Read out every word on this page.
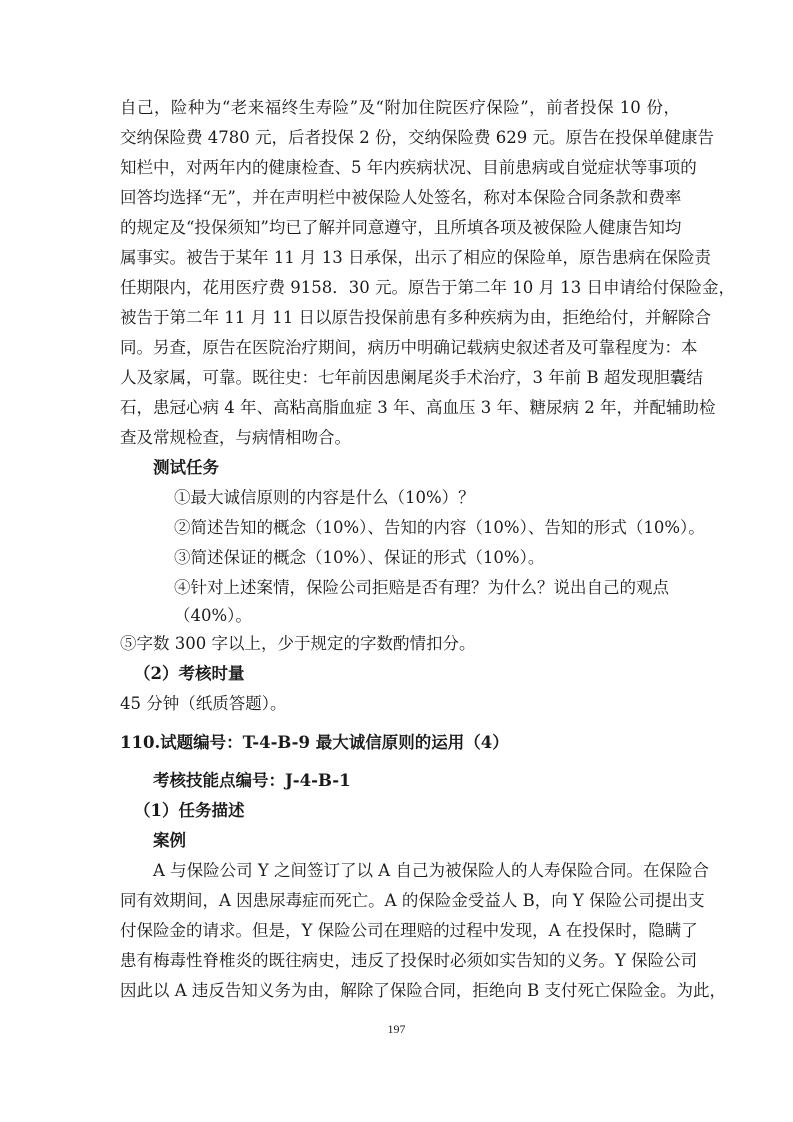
自己，险种为“老来福终生寿险”及“附加住院医疗保险”，前者投保 10 份，
交纳保险费 4780 元，后者投保 2 份，交纳保险费 629 元。原告在投保单健康告
知栏中，对两年内的健康检查、5 年内疾病状况、目前患病或自觉症状等事项的
回答均选择“无”，并在声明栏中被保险人处签名，称对本保险合同条款和费率
的规定及“投保须知”均已了解并同意遵守，且所填各项及被保险人健康告知均
属事实。被告于某年 11 月 13 日承保，出示了相应的保险单，原告患病在保险责
任期限内，花用医疗费 9158．30 元。原告于第二年 10 月 13 日申请给付保险金，
被告于第二年 11 月 11 日以原告投保前患有多种疾病为由，拒绝给付，并解除合
同。另查，原告在医院治疗期间，病历中明确记载病史叙述者及可靠程度为：本
人及家属，可靠。既往史：七年前因患阑尾炎手术治疗，3 年前 B 超发现胆囊结
石，患冠心病 4 年、高粘高脂血症 3 年、高血压 3 年、糖尿病 2 年，并配辅助检
查及常规检查，与病情相吻合。
测试任务
①最大诚信原则的内容是什么（10%）？
②简述告知的概念（10%）、告知的内容（10%）、告知的形式（10%）。
③简述保证的概念（10%）、保证的形式（10%）。
④针对上述案情，保险公司拒赔是否有理？为什么？说出自己的观点
（40%）。
⑤字数 300 字以上，少于规定的字数酌情扣分。
（2）考核时量
45 分钟（纸质答题）。
110.试题编号：T-4-B-9 最大诚信原则的运用（4）
考核技能点编号：J-4-B-1
（1）任务描述
案例
A 与保险公司 Y 之间签订了以 A 自己为被保险人的人寿保险合同。在保险合
同有效期间，A 因患尿毒症而死亡。A 的保险金受益人 B，向 Y 保险公司提出支
付保险金的请求。但是，Y 保险公司在理赔的过程中发现，A 在投保时，隐瞒了
患有梅毒性脊椎炎的既往病史，违反了投保时必须如实告知的义务。Y 保险公司
因此以 A 违反告知义务为由，解除了保险合同，拒绝向 B 支付死亡保险金。为此，
197
